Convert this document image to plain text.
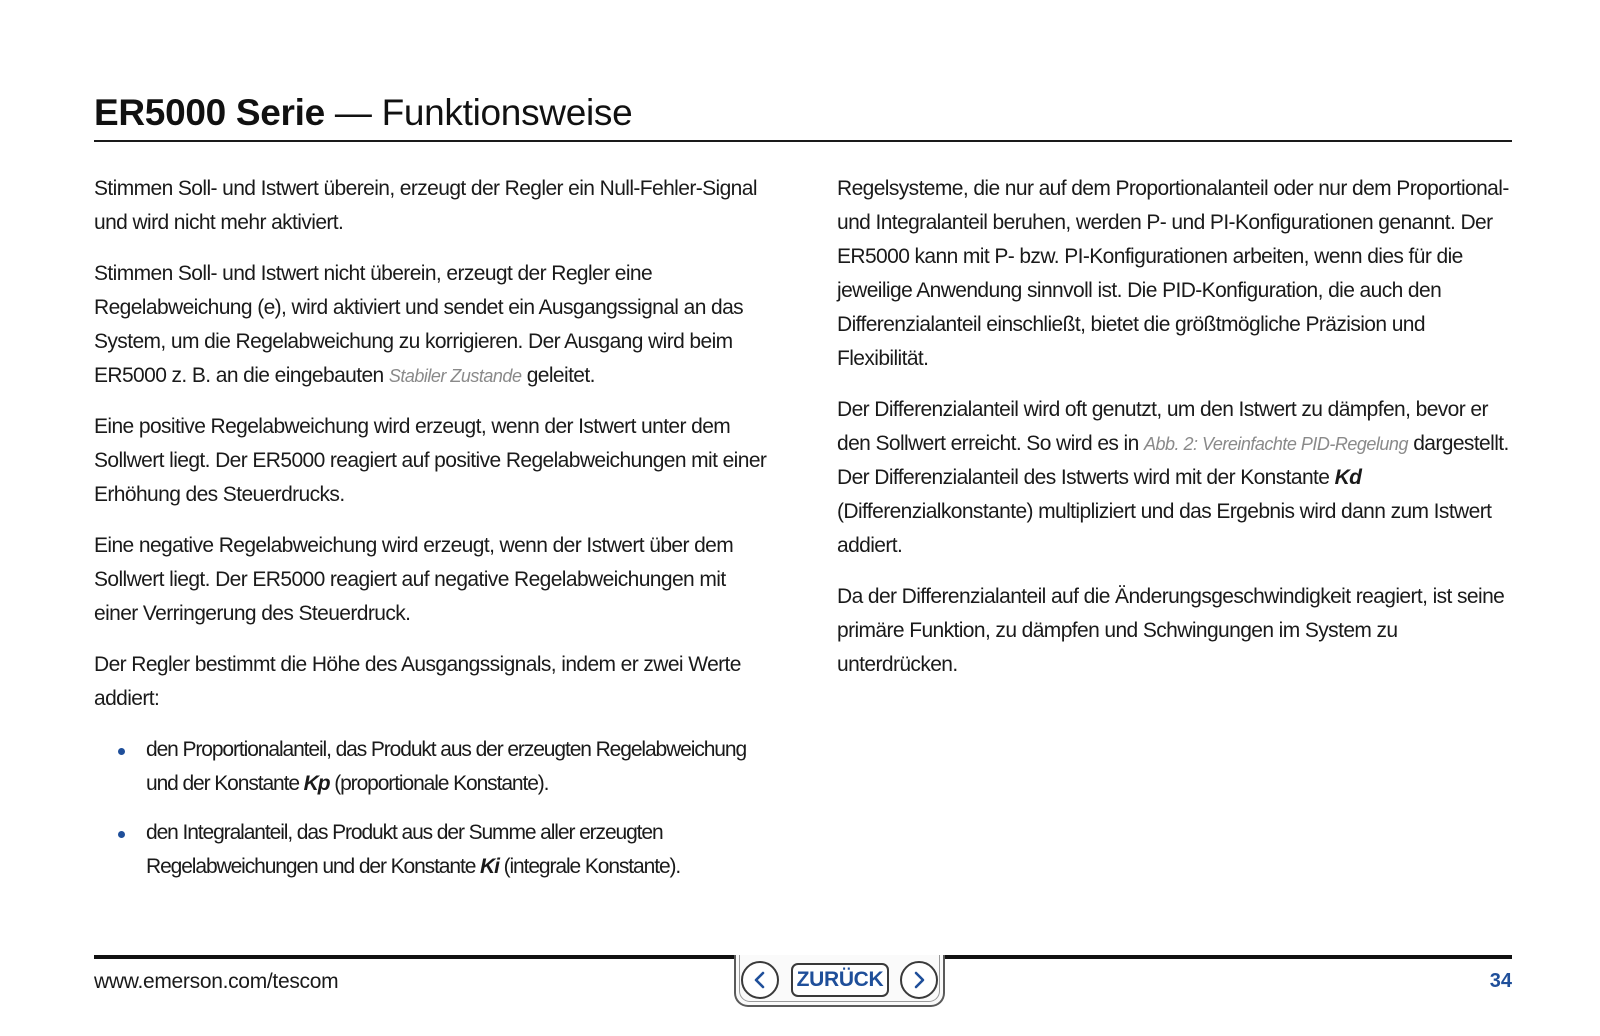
ER5000 Serie — Funktionsweise

Stimmen Soll- und Istwert überein, erzeugt der Regler ein Null-Fehler-Signal und wird nicht mehr aktiviert.

Stimmen Soll- und Istwert nicht überein, erzeugt der Regler eine Regelabweichung (e), wird aktiviert und sendet ein Ausgangssignal an das System, um die Regelabweichung zu korrigieren. Der Ausgang wird beim ER5000 z. B. an die eingebauten Stabiler Zustande geleitet.

Eine positive Regelabweichung wird erzeugt, wenn der Istwert unter dem Sollwert liegt. Der ER5000 reagiert auf positive Regelabweichungen mit einer Erhöhung des Steuerdrucks.

Eine negative Regelabweichung wird erzeugt, wenn der Istwert über dem Sollwert liegt. Der ER5000 reagiert auf negative Regelabweichungen mit einer Verringerung des Steuerdruck.

Der Regler bestimmt die Höhe des Ausgangssignals, indem er zwei Werte addiert:

den Proportionalanteil, das Produkt aus der erzeugten Regelabweichung und der Konstante Kp (proportionale Konstante).
den Integralanteil, das Produkt aus der Summe aller erzeugten Regelabweichungen und der Konstante Ki (integrale Konstante).

Regelsysteme, die nur auf dem Proportionalanteil oder nur dem Proportional- und Integralanteil beruhen, werden P- und PI-Konfigurationen genannt. Der ER5000 kann mit P- bzw. PI-Konfigurationen arbeiten, wenn dies für die jeweilige Anwendung sinnvoll ist. Die PID-Konfiguration, die auch den Differenzialanteil einschließt, bietet die größtmögliche Präzision und Flexibilität.

Der Differenzialanteil wird oft genutzt, um den Istwert zu dämpfen, bevor er den Sollwert erreicht. So wird es in Abb. 2: Vereinfachte PID-Regelung dargestellt. Der Differenzialanteil des Istwerts wird mit der Konstante Kd (Differenzialkonstante) multipliziert und das Ergebnis wird dann zum Istwert addiert.

Da der Differenzialanteil auf die Änderungsgeschwindigkeit reagiert, ist seine primäre Funktion, zu dämpfen und Schwingungen im System zu unterdrücken.

www.emerson.com/tescom	ZURÜCK	34
